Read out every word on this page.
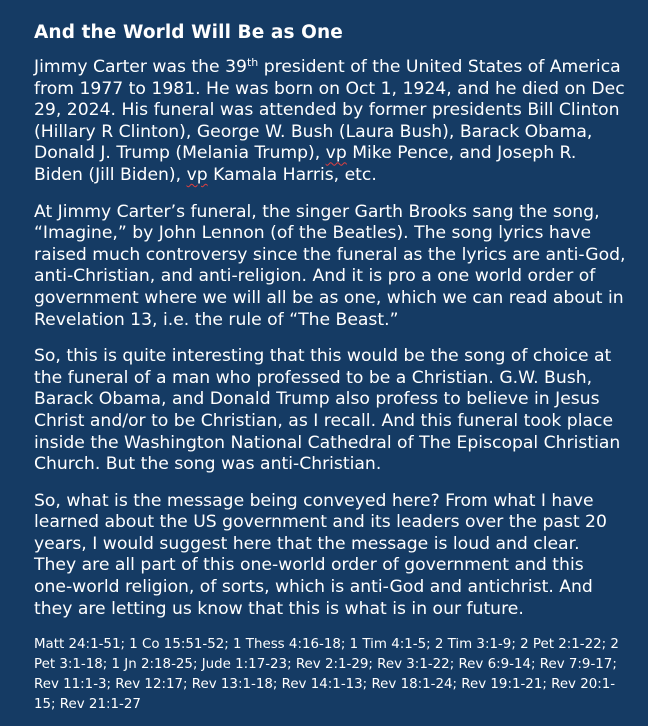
And the World Will Be as One

Jimmy Carter was the 39th president of the United States of America from 1977 to 1981. He was born on Oct 1, 1924, and he died on Dec 29, 2024. His funeral was attended by former presidents Bill Clinton (Hillary R Clinton), George W. Bush (Laura Bush), Barack Obama, Donald J. Trump (Melania Trump), vp Mike Pence, and Joseph R. Biden (Jill Biden), vp Kamala Harris, etc.

At Jimmy Carter’s funeral, the singer Garth Brooks sang the song, “Imagine,” by John Lennon (of the Beatles). The song lyrics have raised much controversy since the funeral as the lyrics are anti-God, anti-Christian, and anti-religion. And it is pro a one world order of government where we will all be as one, which we can read about in Revelation 13, i.e. the rule of “The Beast.”

So, this is quite interesting that this would be the song of choice at the funeral of a man who professed to be a Christian. G.W. Bush, Barack Obama, and Donald Trump also profess to believe in Jesus Christ and/or to be Christian, as I recall. And this funeral took place inside the Washington National Cathedral of The Episcopal Christian Church. But the song was anti-Christian.

So, what is the message being conveyed here? From what I have learned about the US government and its leaders over the past 20 years, I would suggest here that the message is loud and clear. They are all part of this one-world order of government and this one-world religion, of sorts, which is anti-God and antichrist. And they are letting us know that this is what is in our future.

Matt 24:1-51; 1 Co 15:51-52; 1 Thess 4:16-18; 1 Tim 4:1-5; 2 Tim 3:1-9; 2 Pet 2:1-22; 2 Pet 3:1-18; 1 Jn 2:18-25; Jude 1:17-23; Rev 2:1-29; Rev 3:1-22; Rev 6:9-14; Rev 7:9-17; Rev 11:1-3; Rev 12:17; Rev 13:1-18; Rev 14:1-13; Rev 18:1-24; Rev 19:1-21; Rev 20:1-15; Rev 21:1-27
